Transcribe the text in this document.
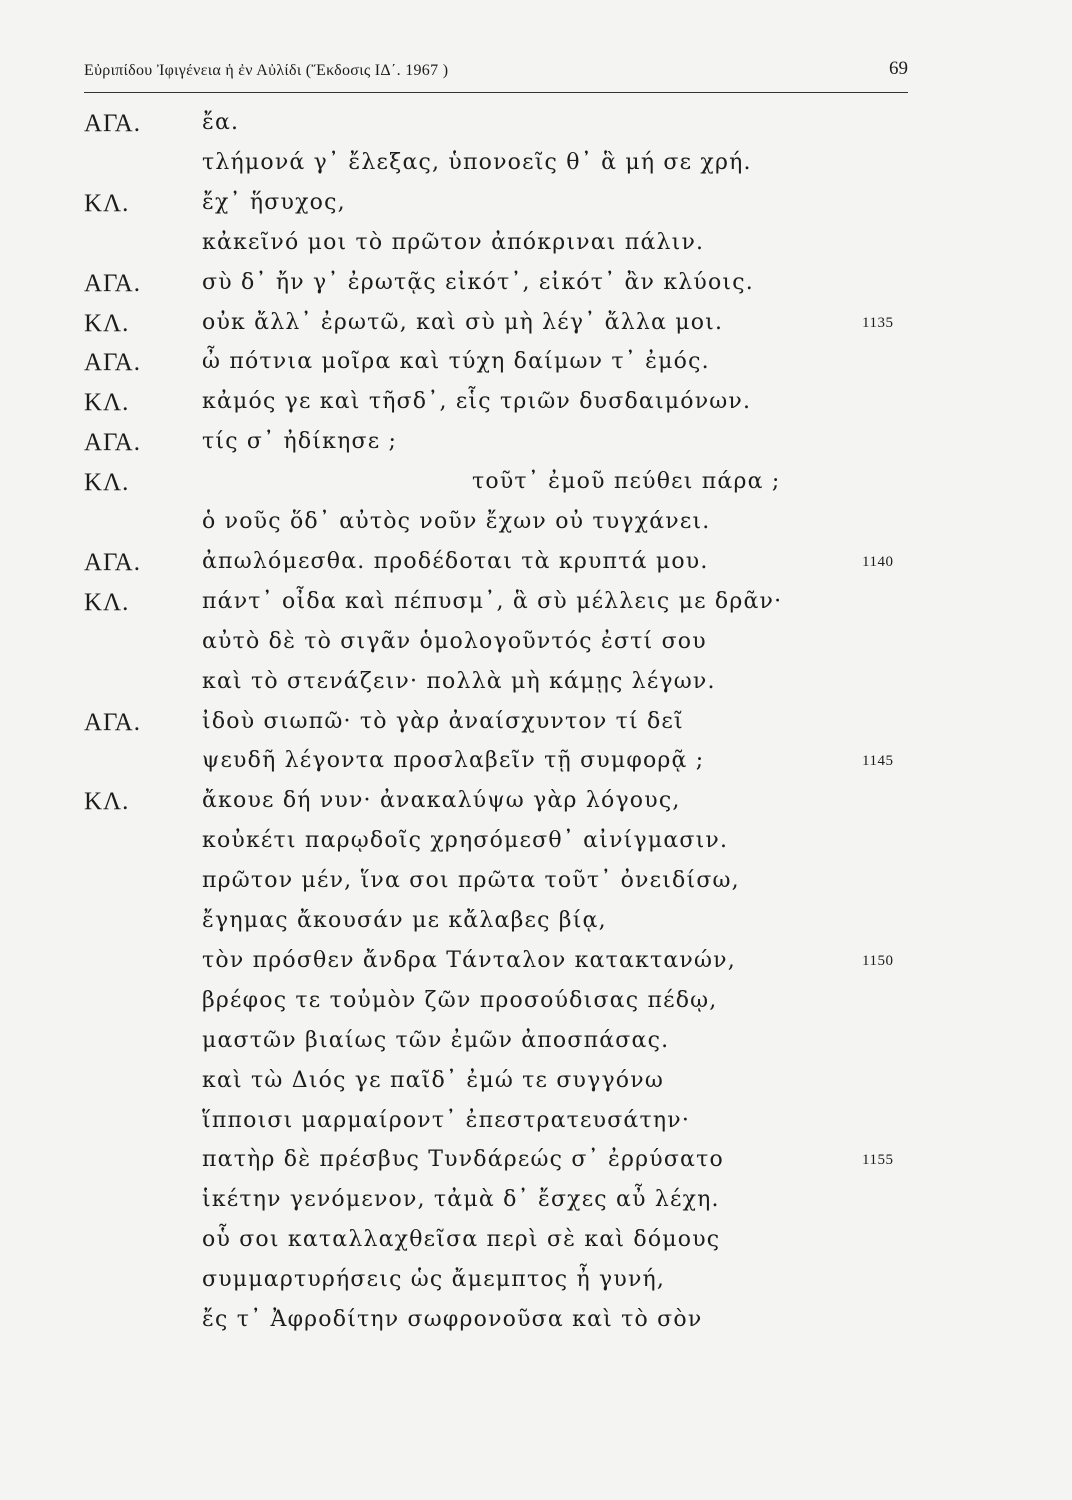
Εὐριπίδου Ἰφιγένεια ἡ ἐν Αὐλίδι (Ἔκδοσις ΙΔ΄. 1967 )	69
ΑΓΑ.	ἔα.
τλήμονά γ᾽ ἔλεξας, ὑπονοεῖς θ᾽ ἃ μή σε χρή.
ΚΛ.	ἔχ᾽ ἥσυχος,
κἀκεῖνό μοι τὸ πρῶτον ἀπόκριναι πάλιν.
ΑΓΑ.	σὺ δ᾽ ἤν γ᾽ ἐρωτᾷς εἰκότ᾽, εἰκότ᾽ ἂν κλύοις.
ΚΛ.	οὐκ ἄλλ᾽ ἐρωτῶ, καὶ σὺ μὴ λέγ᾽ ἄλλα μοι.	1135
ΑΓΑ.	ὦ πότνια μοῖρα καὶ τύχη δαίμων τ᾽ ἐμός.
ΚΛ.	κἀμός γε καὶ τῆσδ᾽, εἷς τριῶν δυσδαιμόνων.
ΑΓΑ.	τίς σ᾽ ἠδίκησε ;
ΚΛ.	τοῦτ᾽ ἐμοῦ πεύθει πάρα ;
ὁ νοῦς ὅδ᾽ αὐτὸς νοῦν ἔχων οὐ τυγχάνει.
ΑΓΑ.	ἀπωλόμεσθα. προδέδοται τὰ κρυπτά μου.	1140
ΚΛ.	πάντ᾽ οἶδα καὶ πέπυσμ᾽, ἃ σὺ μέλλεις με δρᾶν·
αὐτὸ δὲ τὸ σιγᾶν ὁμολογοῦντός ἐστί σου
καὶ τὸ στενάζειν· πολλὰ μὴ κάμῃς λέγων.
ΑΓΑ.	ἰδοὺ σιωπῶ· τὸ γὰρ ἀναίσχυντον τί δεῖ
ψευδῆ λέγοντα προσλαβεῖν τῇ συμφορᾷ ;	1145
ΚΛ.	ἄκουε δή νυν· ἀνακαλύψω γὰρ λόγους,
κοὐκέτι παρῳδοῖς χρησόμεσθ᾽ αἰνίγμασιν.
πρῶτον μέν, ἵνα σοι πρῶτα τοῦτ᾽ ὀνειδίσω,
ἔγημας ἄκουσάν με κἄλαβες βίᾳ,
τὸν πρόσθεν ἄνδρα Τάνταλον κατακτανών,	1150
βρέφος τε τοὐμὸν ζῶν προσούδισας πέδῳ,
μαστῶν βιαίως τῶν ἐμῶν ἀποσπάσας.
καὶ τὼ Διός γε παῖδ᾽ ἐμώ τε συγγόνω
ἵπποισι μαρμαίροντ᾽ ἐπεστρατευσάτην·
πατὴρ δὲ πρέσβυς Τυνδάρεώς σ᾽ ἐρρύσατο	1155
ἱκέτην γενόμενον, τἀμὰ δ᾽ ἔσχες αὖ λέχη.
οὗ σοι καταλλαχθεῖσα περὶ σὲ καὶ δόμους
συμμαρτυρήσεις ὡς ἄμεμπτος ἦ γυνή,
ἔς τ᾽ Ἀφροδίτην σωφρονοῦσα καὶ τὸ σὸν
